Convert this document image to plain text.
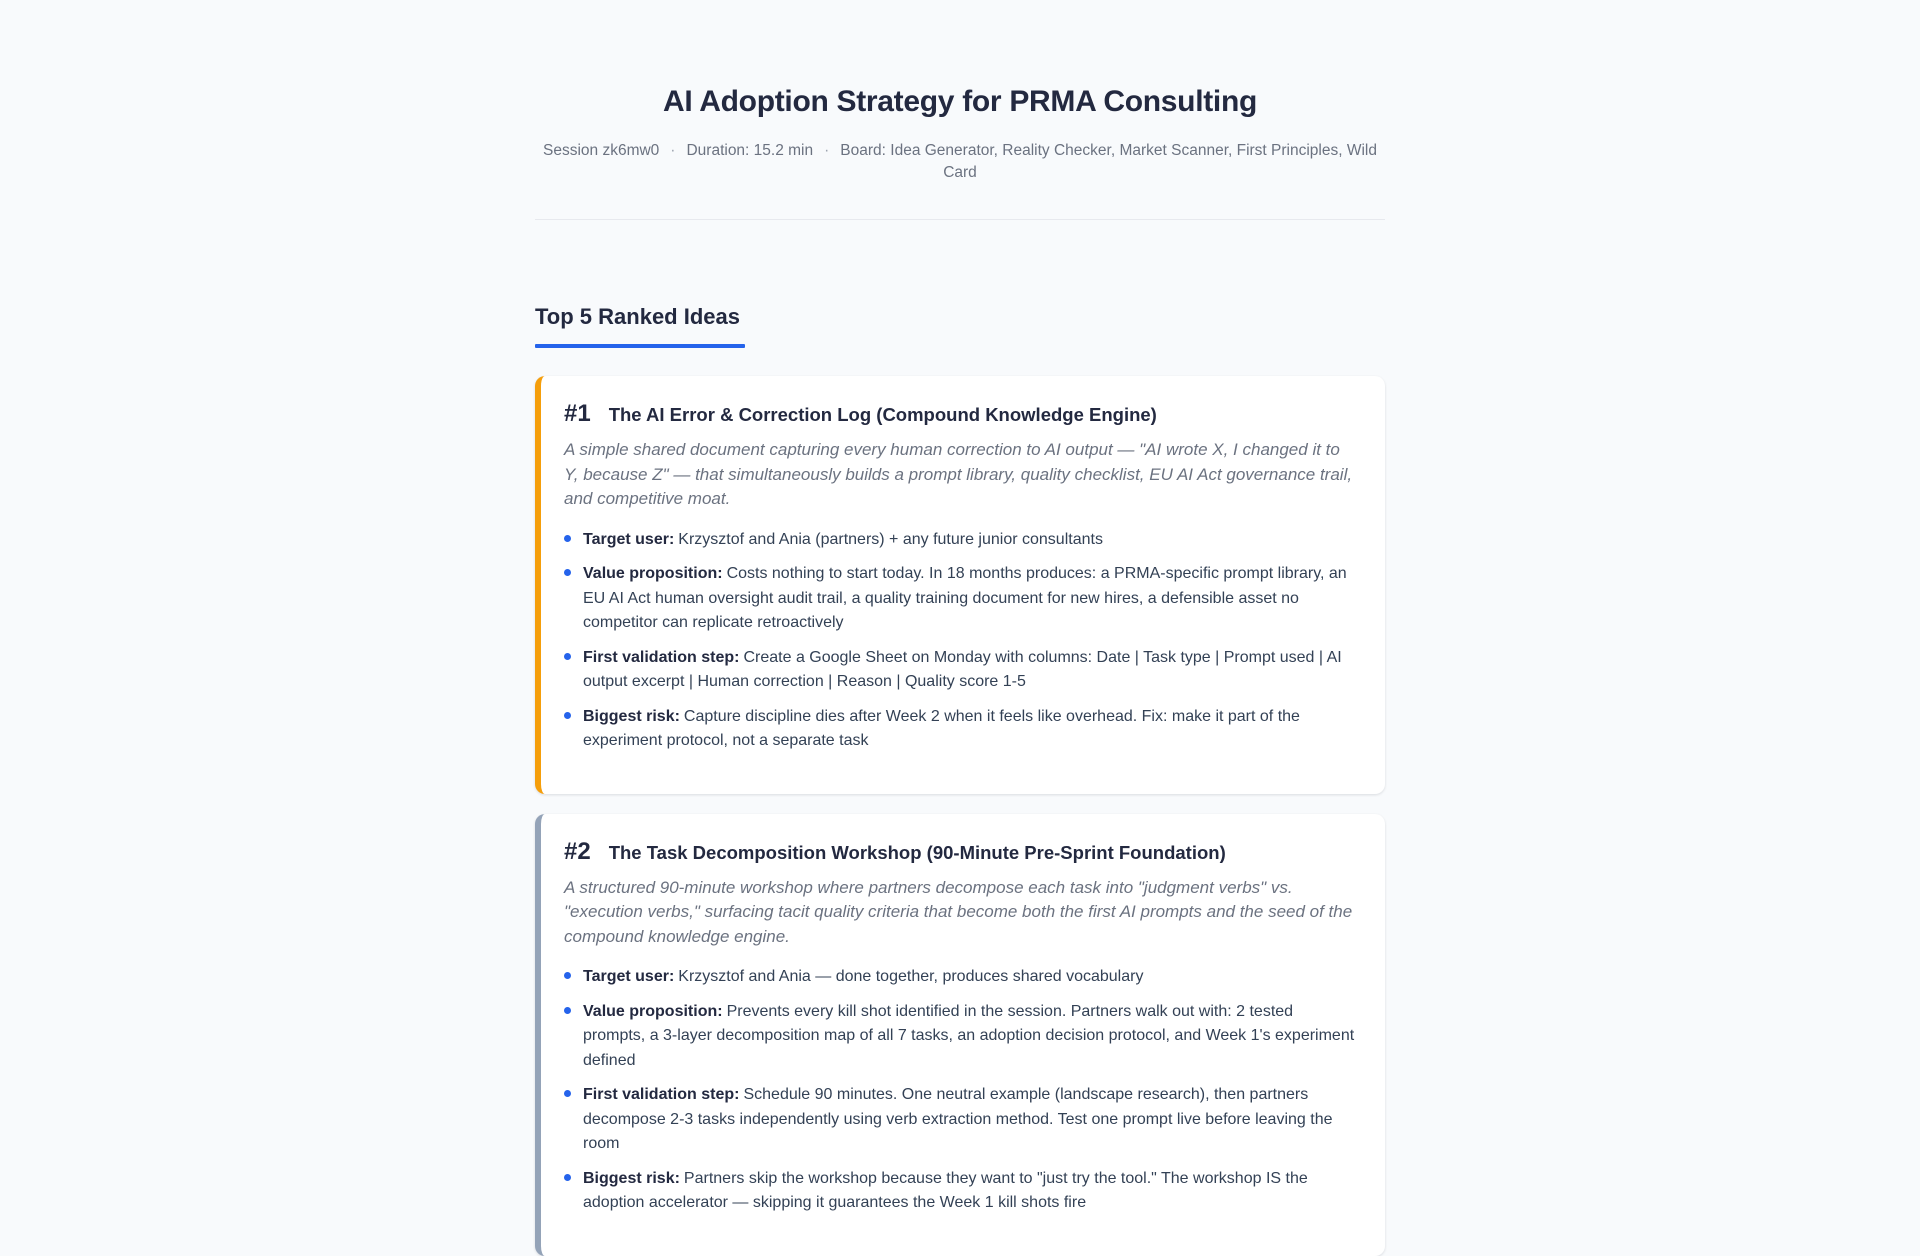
AI Adoption Strategy for PRMA Consulting
Session zk6mw0 · Duration: 15.2 min · Board: Idea Generator, Reality Checker, Market Scanner, First Principles, Wild Card
Top 5 Ranked Ideas
#1 The AI Error & Correction Log (Compound Knowledge Engine)

A simple shared document capturing every human correction to AI output — "AI wrote X, I changed it to Y, because Z" — that simultaneously builds a prompt library, quality checklist, EU AI Act governance trail, and competitive moat.

Target user: Krzysztof and Ania (partners) + any future junior consultants
Value proposition: Costs nothing to start today. In 18 months produces: a PRMA-specific prompt library, an EU AI Act human oversight audit trail, a quality training document for new hires, a defensible asset no competitor can replicate retroactively
First validation step: Create a Google Sheet on Monday with columns: Date | Task type | Prompt used | AI output excerpt | Human correction | Reason | Quality score 1-5
Biggest risk: Capture discipline dies after Week 2 when it feels like overhead. Fix: make it part of the experiment protocol, not a separate task
#2 The Task Decomposition Workshop (90-Minute Pre-Sprint Foundation)

A structured 90-minute workshop where partners decompose each task into "judgment verbs" vs. "execution verbs," surfacing tacit quality criteria that become both the first AI prompts and the seed of the compound knowledge engine.

Target user: Krzysztof and Ania — done together, produces shared vocabulary
Value proposition: Prevents every kill shot identified in the session. Partners walk out with: 2 tested prompts, a 3-layer decomposition map of all 7 tasks, an adoption decision protocol, and Week 1's experiment defined
First validation step: Schedule 90 minutes. One neutral example (landscape research), then partners decompose 2-3 tasks independently using verb extraction method. Test one prompt live before leaving the room
Biggest risk: Partners skip the workshop because they want to "just try the tool." The workshop IS the adoption accelerator — skipping it guarantees the Week 1 kill shots fire
